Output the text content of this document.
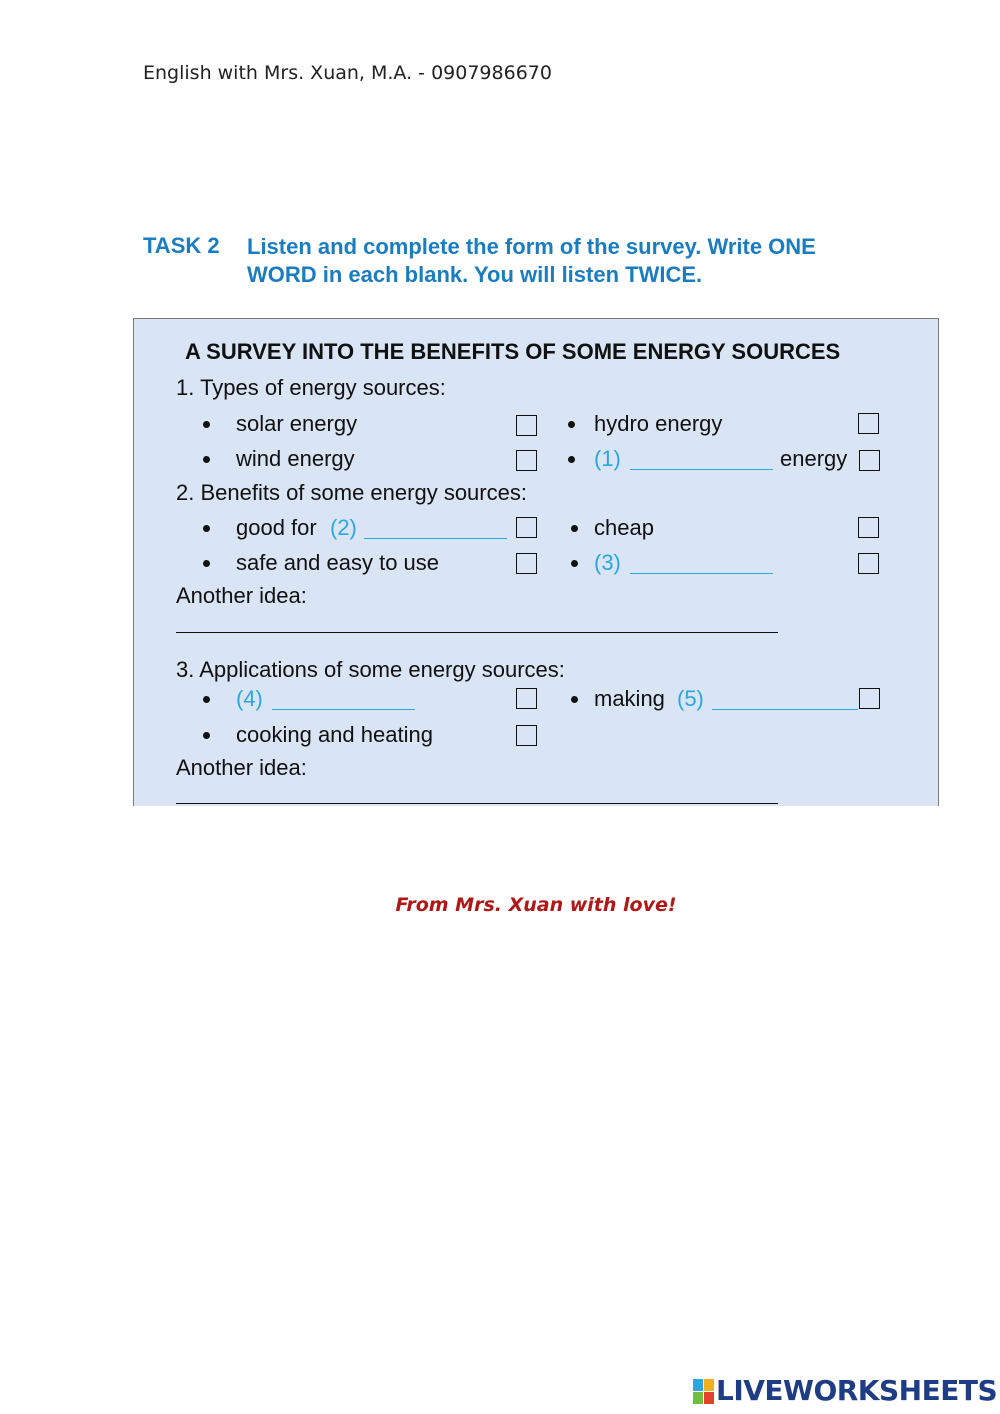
English with Mrs. Xuan, M.A. - 0907986670
TASK 2 Listen and complete the form of the survey. Write ONE WORD in each blank. You will listen TWICE.
A SURVEY INTO THE BENEFITS OF SOME ENERGY SOURCES
1. Types of energy sources:
solar energy	hydro energy
wind energy	(1)	energy
2. Benefits of some energy sources:
good for (2)	cheap
safe and easy to use	(3)
Another idea:
3. Applications of some energy sources:
(4)	making (5)
cooking and heating
Another idea:
From Mrs. Xuan with love!
LIVEWORKSHEETS
